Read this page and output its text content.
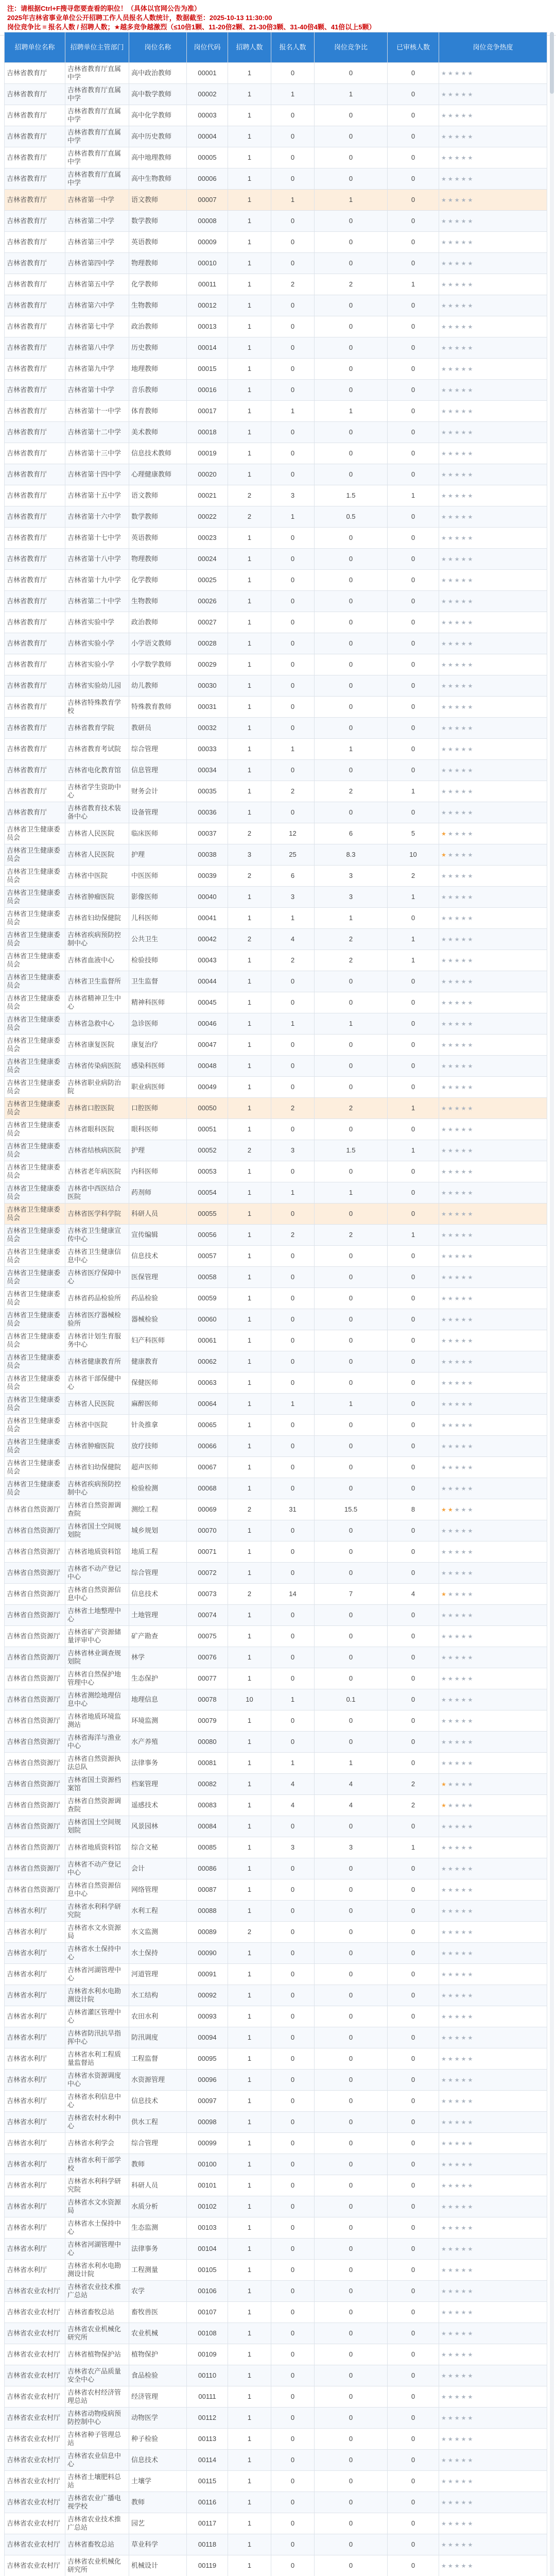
注：请根据Ctrl+F搜寻您要查看的职位！（具体以官网公告为准）
2025年吉林省事业单位公开招聘工作人员报名人数统计，数据截至：2025-10-13 11:30:00
岗位竞争比 = 报名人数 / 招聘人数；★越多竞争越激烈（≤10倍1颗、11-20倍2颗、21-30倍3颗、31-40倍4颗、41倍以上5颗）
招聘单位名称	招聘单位主管部门	岗位名称	岗位代码	招聘人数	报名人数	岗位竞争比	已审核人数	岗位竞争热度
吉林省教育厅	吉林省教育厅直属中学	高中政治教师	00001	1	0	0	0	★★★★★
吉林省教育厅	吉林省教育厅直属中学	高中数学教师	00002	1	1	1	0	★★★★★
吉林省教育厅	吉林省教育厅直属中学	高中化学教师	00003	1	0	0	0	★★★★★
吉林省教育厅	吉林省教育厅直属中学	高中历史教师	00004	1	0	0	0	★★★★★
吉林省教育厅	吉林省教育厅直属中学	高中地理教师	00005	1	0	0	0	★★★★★
吉林省教育厅	吉林省教育厅直属中学	高中生物教师	00006	1	0	0	0	★★★★★
吉林省教育厅	吉林省第一中学	语文教师	00007	1	1	1	0	★★★★★
吉林省教育厅	吉林省第二中学	数学教师	00008	1	0	0	0	★★★★★
吉林省教育厅	吉林省第三中学	英语教师	00009	1	0	0	0	★★★★★
吉林省教育厅	吉林省第四中学	物理教师	00010	1	0	0	0	★★★★★
吉林省教育厅	吉林省第五中学	化学教师	00011	1	2	2	1	★★★★★
吉林省教育厅	吉林省第六中学	生物教师	00012	1	0	0	0	★★★★★
吉林省教育厅	吉林省第七中学	政治教师	00013	1	0	0	0	★★★★★
吉林省教育厅	吉林省第八中学	历史教师	00014	1	0	0	0	★★★★★
吉林省教育厅	吉林省第九中学	地理教师	00015	1	0	0	0	★★★★★
吉林省教育厅	吉林省第十中学	音乐教师	00016	1	0	0	0	★★★★★
吉林省教育厅	吉林省第十一中学	体育教师	00017	1	1	1	0	★★★★★
吉林省教育厅	吉林省第十二中学	美术教师	00018	1	0	0	0	★★★★★
吉林省教育厅	吉林省第十三中学	信息技术教师	00019	1	0	0	0	★★★★★
吉林省教育厅	吉林省第十四中学	心理健康教师	00020	1	0	0	0	★★★★★
吉林省教育厅	吉林省第十五中学	语文教师	00021	2	3	1.5	1	★★★★★
吉林省教育厅	吉林省第十六中学	数学教师	00022	2	1	0.5	0	★★★★★
吉林省教育厅	吉林省第十七中学	英语教师	00023	1	0	0	0	★★★★★
吉林省教育厅	吉林省第十八中学	物理教师	00024	1	0	0	0	★★★★★
吉林省教育厅	吉林省第十九中学	化学教师	00025	1	0	0	0	★★★★★
吉林省教育厅	吉林省第二十中学	生物教师	00026	1	0	0	0	★★★★★
吉林省教育厅	吉林省实验中学	政治教师	00027	1	0	0	0	★★★★★
吉林省教育厅	吉林省实验小学	小学语文教师	00028	1	0	0	0	★★★★★
吉林省教育厅	吉林省实验小学	小学数学教师	00029	1	0	0	0	★★★★★
吉林省教育厅	吉林省实验幼儿园	幼儿教师	00030	1	0	0	0	★★★★★
吉林省教育厅	吉林省特殊教育学校	特殊教育教师	00031	1	0	0	0	★★★★★
吉林省教育厅	吉林省教育学院	教研员	00032	1	0	0	0	★★★★★
吉林省教育厅	吉林省教育考试院	综合管理	00033	1	1	1	0	★★★★★
吉林省教育厅	吉林省电化教育馆	信息管理	00034	1	0	0	0	★★★★★
吉林省教育厅	吉林省学生资助中心	财务会计	00035	1	2	2	1	★★★★★
吉林省教育厅	吉林省教育技术装备中心	设备管理	00036	1	0	0	0	★★★★★
吉林省卫生健康委员会	吉林省人民医院	临床医师	00037	2	12	6	5	★★★★★
吉林省卫生健康委员会	吉林省人民医院	护理	00038	3	25	8.3	10	★★★★★
吉林省卫生健康委员会	吉林省中医院	中医医师	00039	2	6	3	2	★★★★★
吉林省卫生健康委员会	吉林省肿瘤医院	影像医师	00040	1	3	3	1	★★★★★
吉林省卫生健康委员会	吉林省妇幼保健院	儿科医师	00041	1	1	1	0	★★★★★
吉林省卫生健康委员会	吉林省疾病预防控制中心	公共卫生	00042	2	4	2	1	★★★★★
吉林省卫生健康委员会	吉林省血液中心	检验技师	00043	1	2	2	1	★★★★★
吉林省卫生健康委员会	吉林省卫生监督所	卫生监督	00044	1	0	0	0	★★★★★
吉林省卫生健康委员会	吉林省精神卫生中心	精神科医师	00045	1	0	0	0	★★★★★
吉林省卫生健康委员会	吉林省急救中心	急诊医师	00046	1	1	1	0	★★★★★
吉林省卫生健康委员会	吉林省康复医院	康复治疗	00047	1	0	0	0	★★★★★
吉林省卫生健康委员会	吉林省传染病医院	感染科医师	00048	1	0	0	0	★★★★★
吉林省卫生健康委员会	吉林省职业病防治院	职业病医师	00049	1	0	0	0	★★★★★
吉林省卫生健康委员会	吉林省口腔医院	口腔医师	00050	1	2	2	1	★★★★★
吉林省卫生健康委员会	吉林省眼科医院	眼科医师	00051	1	0	0	0	★★★★★
吉林省卫生健康委员会	吉林省结核病医院	护理	00052	2	3	1.5	1	★★★★★
吉林省卫生健康委员会	吉林省老年病医院	内科医师	00053	1	0	0	0	★★★★★
吉林省卫生健康委员会	吉林省中西医结合医院	药剂师	00054	1	1	1	0	★★★★★
吉林省卫生健康委员会	吉林省医学科学院	科研人员	00055	1	0	0	0	★★★★★
吉林省卫生健康委员会	吉林省卫生健康宣传中心	宣传编辑	00056	1	2	2	1	★★★★★
吉林省卫生健康委员会	吉林省卫生健康信息中心	信息技术	00057	1	0	0	0	★★★★★
吉林省卫生健康委员会	吉林省医疗保障中心	医保管理	00058	1	0	0	0	★★★★★
吉林省卫生健康委员会	吉林省药品检验所	药品检验	00059	1	0	0	0	★★★★★
吉林省卫生健康委员会	吉林省医疗器械检验所	器械检验	00060	1	0	0	0	★★★★★
吉林省卫生健康委员会	吉林省计划生育服务中心	妇产科医师	00061	1	0	0	0	★★★★★
吉林省卫生健康委员会	吉林省健康教育所	健康教育	00062	1	0	0	0	★★★★★
吉林省卫生健康委员会	吉林省干部保健中心	保健医师	00063	1	0	0	0	★★★★★
吉林省卫生健康委员会	吉林省人民医院	麻醉医师	00064	1	1	1	0	★★★★★
吉林省卫生健康委员会	吉林省中医院	针灸推拿	00065	1	0	0	0	★★★★★
吉林省卫生健康委员会	吉林省肿瘤医院	放疗技师	00066	1	0	0	0	★★★★★
吉林省卫生健康委员会	吉林省妇幼保健院	超声医师	00067	1	0	0	0	★★★★★
吉林省卫生健康委员会	吉林省疾病预防控制中心	检验检测	00068	1	0	0	0	★★★★★
吉林省自然资源厅	吉林省自然资源调查院	测绘工程	00069	2	31	15.5	8	★★★★★
吉林省自然资源厅	吉林省国土空间规划院	城乡规划	00070	1	0	0	0	★★★★★
吉林省自然资源厅	吉林省地质资料馆	地质工程	00071	1	0	0	0	★★★★★
吉林省自然资源厅	吉林省不动产登记中心	综合管理	00072	1	0	0	0	★★★★★
吉林省自然资源厅	吉林省自然资源信息中心	信息技术	00073	2	14	7	4	★★★★★
吉林省自然资源厅	吉林省土地整理中心	土地管理	00074	1	0	0	0	★★★★★
吉林省自然资源厅	吉林省矿产资源储量评审中心	矿产勘查	00075	1	0	0	0	★★★★★
吉林省自然资源厅	吉林省林业调查规划院	林学	00076	1	0	0	0	★★★★★
吉林省自然资源厅	吉林省自然保护地管理中心	生态保护	00077	1	0	0	0	★★★★★
吉林省自然资源厅	吉林省测绘地理信息中心	地理信息	00078	10	1	0.1	0	★★★★★
吉林省自然资源厅	吉林省地质环境监测站	环境监测	00079	1	0	0	0	★★★★★
吉林省自然资源厅	吉林省海洋与渔业中心	水产养殖	00080	1	0	0	0	★★★★★
吉林省自然资源厅	吉林省自然资源执法总队	法律事务	00081	1	1	1	0	★★★★★
吉林省自然资源厅	吉林省国土资源档案馆	档案管理	00082	1	4	4	2	★★★★★
吉林省自然资源厅	吉林省自然资源调查院	遥感技术	00083	1	4	4	2	★★★★★
吉林省自然资源厅	吉林省国土空间规划院	风景园林	00084	1	0	0	0	★★★★★
吉林省自然资源厅	吉林省地质资料馆	综合文秘	00085	1	3	3	1	★★★★★
吉林省自然资源厅	吉林省不动产登记中心	会计	00086	1	0	0	0	★★★★★
吉林省自然资源厅	吉林省自然资源信息中心	网络管理	00087	1	0	0	0	★★★★★
吉林省水利厅	吉林省水利科学研究院	水利工程	00088	1	0	0	0	★★★★★
吉林省水利厅	吉林省水文水资源局	水文监测	00089	2	0	0	0	★★★★★
吉林省水利厅	吉林省水土保持中心	水土保持	00090	1	0	0	0	★★★★★
吉林省水利厅	吉林省河湖管理中心	河道管理	00091	1	0	0	0	★★★★★
吉林省水利厅	吉林省水利水电勘测设计院	水工结构	00092	1	0	0	0	★★★★★
吉林省水利厅	吉林省灌区管理中心	农田水利	00093	1	0	0	0	★★★★★
吉林省水利厅	吉林省防汛抗旱指挥中心	防汛调度	00094	1	0	0	0	★★★★★
吉林省水利厅	吉林省水利工程质量监督站	工程监督	00095	1	0	0	0	★★★★★
吉林省水利厅	吉林省水资源调度中心	水资源管理	00096	1	0	0	0	★★★★★
吉林省水利厅	吉林省水利信息中心	信息技术	00097	1	0	0	0	★★★★★
吉林省水利厅	吉林省农村水利中心	供水工程	00098	1	0	0	0	★★★★★
吉林省水利厅	吉林省水利学会	综合管理	00099	1	0	0	0	★★★★★
吉林省水利厅	吉林省水利干部学校	教师	00100	1	0	0	0	★★★★★
吉林省水利厅	吉林省水利科学研究院	科研人员	00101	1	0	0	0	★★★★★
吉林省水利厅	吉林省水文水资源局	水质分析	00102	1	0	0	0	★★★★★
吉林省水利厅	吉林省水土保持中心	生态监测	00103	1	0	0	0	★★★★★
吉林省水利厅	吉林省河湖管理中心	法律事务	00104	1	0	0	0	★★★★★
吉林省水利厅	吉林省水利水电勘测设计院	工程测量	00105	1	0	0	0	★★★★★
吉林省农业农村厅	吉林省农业技术推广总站	农学	00106	1	0	0	0	★★★★★
吉林省农业农村厅	吉林省畜牧总站	畜牧兽医	00107	1	0	0	0	★★★★★
吉林省农业农村厅	吉林省农业机械化研究所	农业机械	00108	1	0	0	0	★★★★★
吉林省农业农村厅	吉林省植物保护站	植物保护	00109	1	0	0	0	★★★★★
吉林省农业农村厅	吉林省农产品质量安全中心	食品检验	00110	1	0	0	0	★★★★★
吉林省农业农村厅	吉林省农村经济管理总站	经济管理	00111	1	0	0	0	★★★★★
吉林省农业农村厅	吉林省动物疫病预防控制中心	动物医学	00112	1	0	0	0	★★★★★
吉林省农业农村厅	吉林省种子管理总站	种子检验	00113	1	0	0	0	★★★★★
吉林省农业农村厅	吉林省农业信息中心	信息技术	00114	1	0	0	0	★★★★★
吉林省农业农村厅	吉林省土壤肥料总站	土壤学	00115	1	0	0	0	★★★★★
吉林省农业农村厅	吉林省农业广播电视学校	教师	00116	1	0	0	0	★★★★★
吉林省农业农村厅	吉林省农业技术推广总站	园艺	00117	1	0	0	0	★★★★★
吉林省农业农村厅	吉林省畜牧总站	草业科学	00118	1	0	0	0	★★★★★
吉林省农业农村厅	吉林省农业机械化研究所	机械设计	00119	1	0	0	0	★★★★★
